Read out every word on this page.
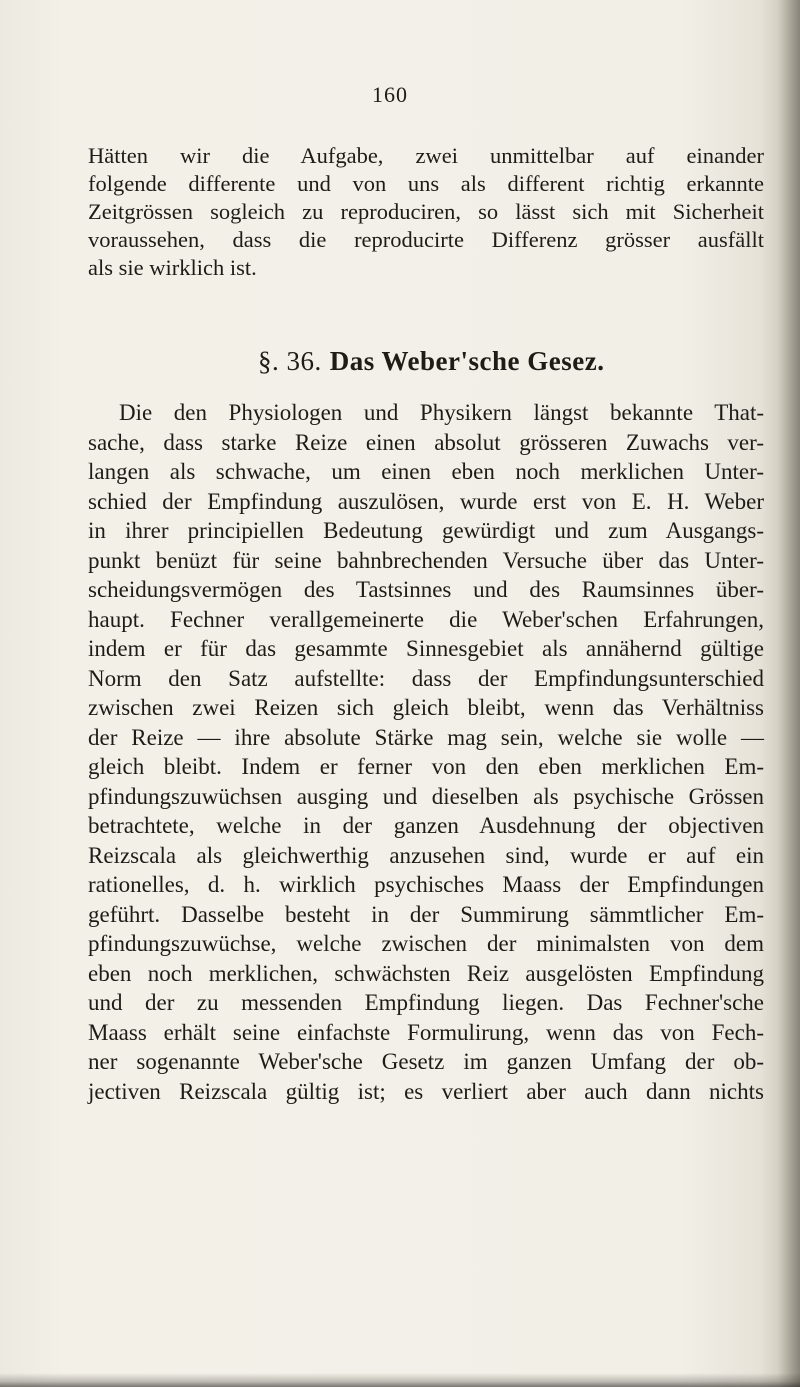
160
Hätten wir die Aufgabe, zwei unmittelbar auf einander
folgende differente und von uns als different richtig erkannte
Zeitgrössen sogleich zu reproduciren, so lässt sich mit Sicherheit
voraussehen, dass die reproducirte Differenz grösser ausfällt
als sie wirklich ist.
§. 36. Das Weber'sche Gesez.
Die den Physiologen und Physikern längst bekannte That-
sache, dass starke Reize einen absolut grösseren Zuwachs ver-
langen als schwache, um einen eben noch merklichen Unter-
schied der Empfindung auszulösen, wurde erst von E. H. Weber
in ihrer principiellen Bedeutung gewürdigt und zum Ausgangs-
punkt benüzt für seine bahnbrechenden Versuche über das Unter-
scheidungsvermögen des Tastsinnes und des Raumsinnes über-
haupt. Fechner verallgemeinerte die Weber'schen Erfahrungen,
indem er für das gesammte Sinnesgebiet als annähernd gültige
Norm den Satz aufstellte: dass der Empfindungsunterschied
zwischen zwei Reizen sich gleich bleibt, wenn das Verhältniss
der Reize — ihre absolute Stärke mag sein, welche sie wolle —
gleich bleibt. Indem er ferner von den eben merklichen Em-
pfindungszuwüchsen ausging und dieselben als psychische Grössen
betrachtete, welche in der ganzen Ausdehnung der objectiven
Reizscala als gleichwerthig anzusehen sind, wurde er auf ein
rationelles, d. h. wirklich psychisches Maass der Empfindungen
geführt. Dasselbe besteht in der Summirung sämmtlicher Em-
pfindungszuwüchse, welche zwischen der minimalsten von dem
eben noch merklichen, schwächsten Reiz ausgelösten Empfindung
und der zu messenden Empfindung liegen. Das Fechner'sche
Maass erhält seine einfachste Formulirung, wenn das von Fech-
ner sogenannte Weber'sche Gesetz im ganzen Umfang der ob-
jectiven Reizscala gültig ist; es verliert aber auch dann nichts
